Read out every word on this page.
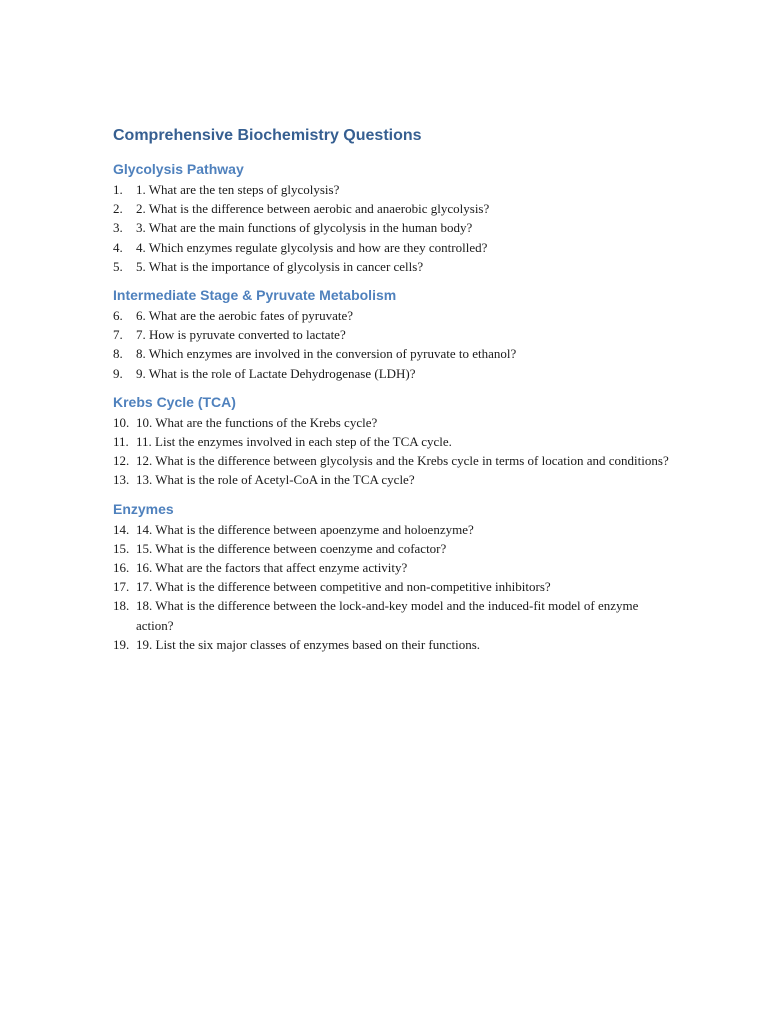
Comprehensive Biochemistry Questions
Glycolysis Pathway
1.	1. What are the ten steps of glycolysis?
2.	2. What is the difference between aerobic and anaerobic glycolysis?
3.	3. What are the main functions of glycolysis in the human body?
4.	4. Which enzymes regulate glycolysis and how are they controlled?
5.	5. What is the importance of glycolysis in cancer cells?
Intermediate Stage & Pyruvate Metabolism
6.	6. What are the aerobic fates of pyruvate?
7.	7. How is pyruvate converted to lactate?
8.	8. Which enzymes are involved in the conversion of pyruvate to ethanol?
9.	9. What is the role of Lactate Dehydrogenase (LDH)?
Krebs Cycle (TCA)
10. 10. What are the functions of the Krebs cycle?
11. 11. List the enzymes involved in each step of the TCA cycle.
12. 12. What is the difference between glycolysis and the Krebs cycle in terms of location and conditions?
13. 13. What is the role of Acetyl-CoA in the TCA cycle?
Enzymes
14. 14. What is the difference between apoenzyme and holoenzyme?
15. 15. What is the difference between coenzyme and cofactor?
16. 16. What are the factors that affect enzyme activity?
17. 17. What is the difference between competitive and non-competitive inhibitors?
18. 18. What is the difference between the lock-and-key model and the induced-fit model of enzyme action?
19. 19. List the six major classes of enzymes based on their functions.
